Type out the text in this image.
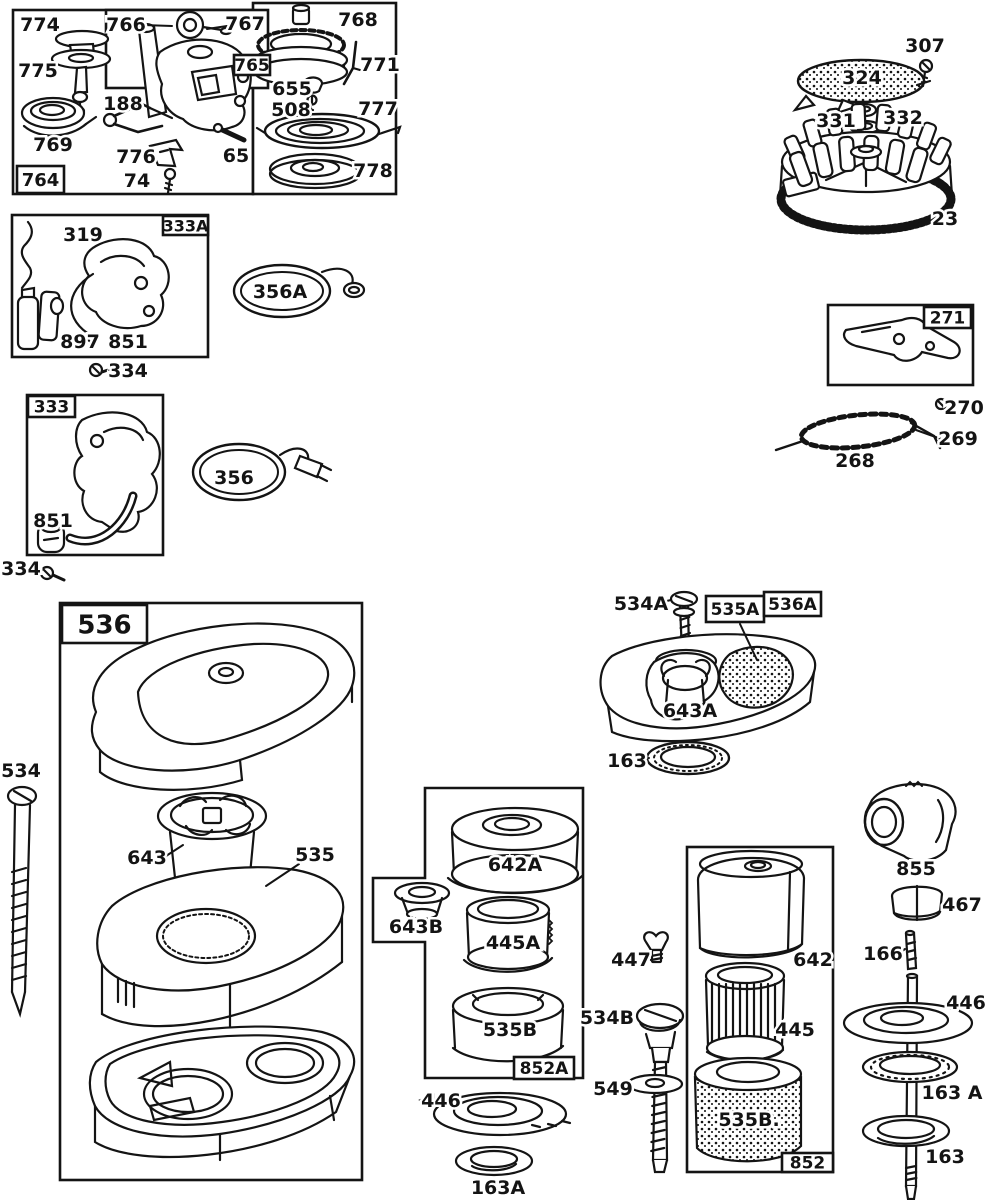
774
775
769
766	767
188
776
74
65
768
771
655
508 777
778
307
324
331 332
23
319
897 851
334
356A
270
269
268
851
334
356
643	535
534
534A
643A
163
642A
643B
445A
535B
446
163A
447
534B
549
642
445
535B.
855
467
166
446
163 A
163
764
765
333A
333
271
536
535A 536A
852A
852
